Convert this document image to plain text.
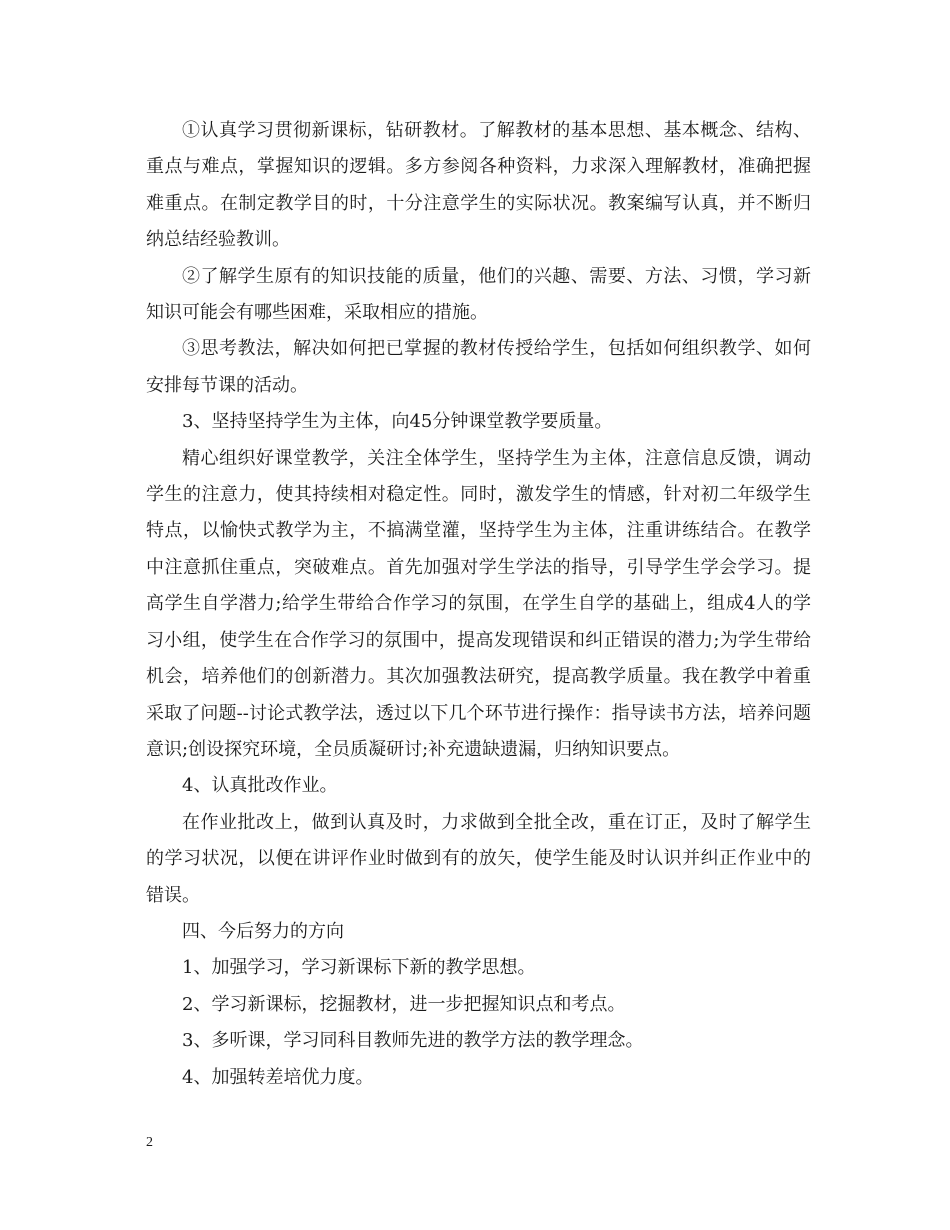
①认真学习贯彻新课标，钻研教材。了解教材的基本思想、基本概念、结构、重点与难点，掌握知识的逻辑。多方参阅各种资料，力求深入理解教材，准确把握难重点。在制定教学目的时，十分注意学生的实际状况。教案编写认真，并不断归纳总结经验教训。

②了解学生原有的知识技能的质量，他们的兴趣、需要、方法、习惯，学习新知识可能会有哪些困难，采取相应的措施。

③思考教法，解决如何把已掌握的教材传授给学生，包括如何组织教学、如何安排每节课的活动。

3、坚持坚持学生为主体，向45分钟课堂教学要质量。

精心组织好课堂教学，关注全体学生，坚持学生为主体，注意信息反馈，调动学生的注意力，使其持续相对稳定性。同时，激发学生的情感，针对初二年级学生特点，以愉快式教学为主，不搞满堂灌，坚持学生为主体，注重讲练结合。在教学中注意抓住重点，突破难点。首先加强对学生学法的指导，引导学生学会学习。提高学生自学潜力;给学生带给合作学习的氛围，在学生自学的基础上，组成4人的学习小组，使学生在合作学习的氛围中，提高发现错误和纠正错误的潜力;为学生带给机会，培养他们的创新潜力。其次加强教法研究，提高教学质量。我在教学中着重采取了问题--讨论式教学法，透过以下几个环节进行操作：指导读书方法，培养问题意识;创设探究环境，全员质凝研讨;补充遗缺遗漏，归纳知识要点。

4、认真批改作业。

在作业批改上，做到认真及时，力求做到全批全改，重在订正，及时了解学生的学习状况，以便在讲评作业时做到有的放矢，使学生能及时认识并纠正作业中的错误。

四、今后努力的方向

1、加强学习，学习新课标下新的教学思想。

2、学习新课标，挖掘教材，进一步把握知识点和考点。

3、多听课，学习同科目教师先进的教学方法的教学理念。

4、加强转差培优力度。

2
